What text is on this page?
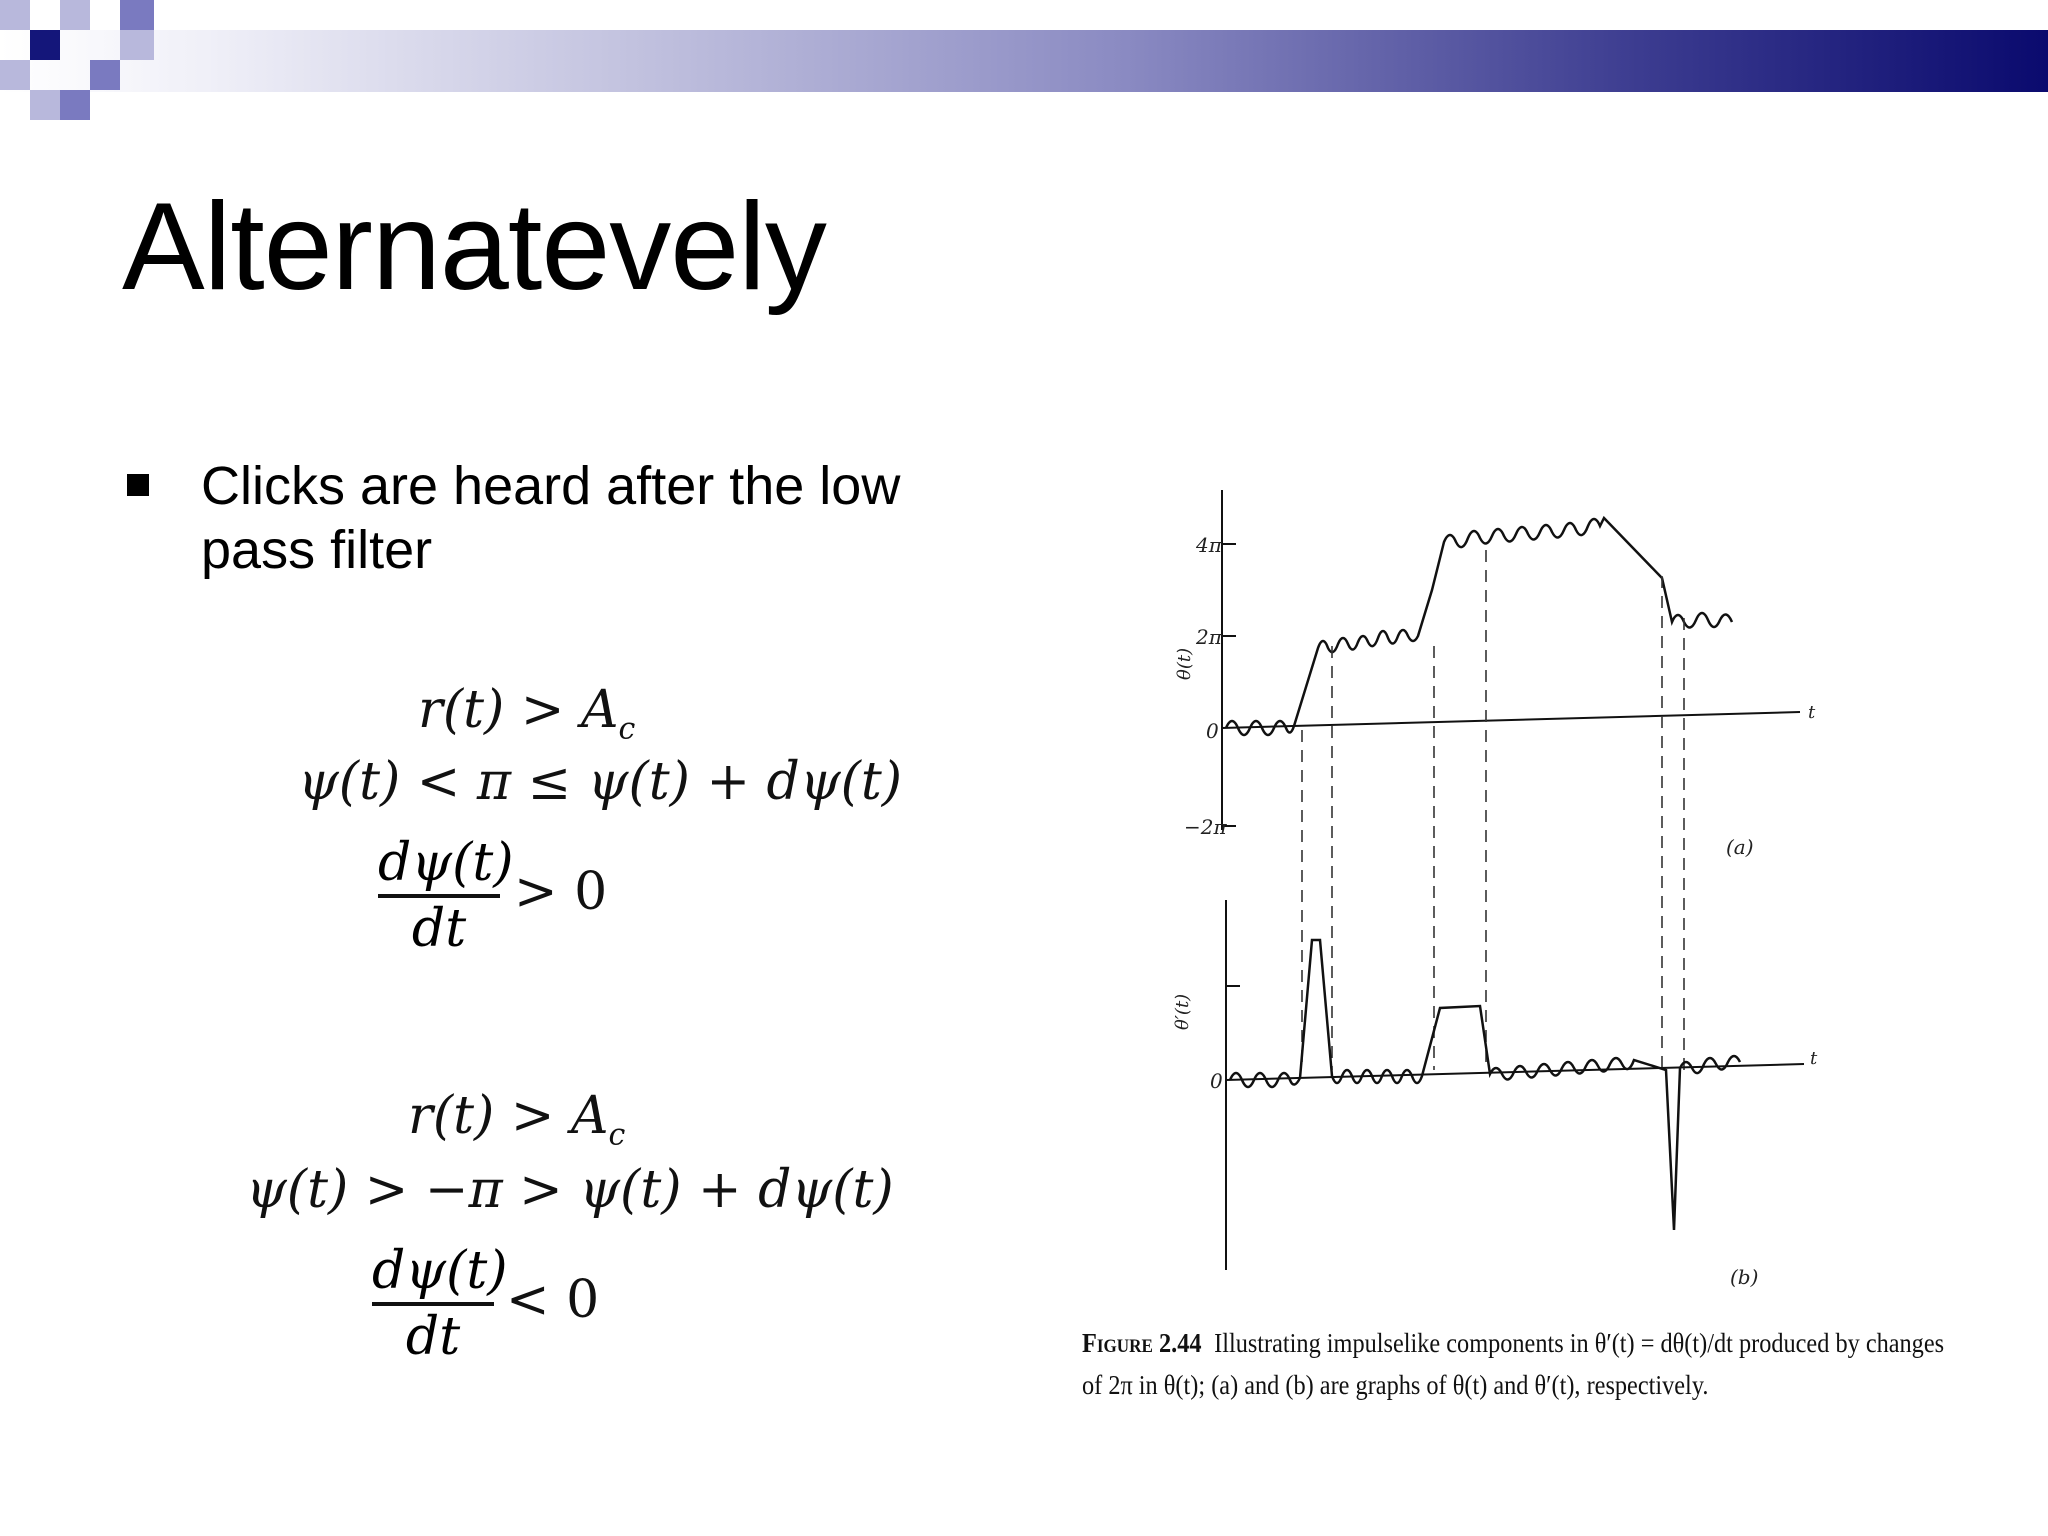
Alternatevely

Clicks are heard after the low pass filter

$r(t) > A_c$

ψ(t) < π ≤ ψ(t) + dψ(t)

dψ(t)
dt

> 0

$r(t) > A_c$

ψ(t) > −π > ψ(t) + dψ(t)

dψ(t)
dt

< 0

4π
2π
0
−2π
θ(t)
t
(a)
0
θ′(t)
t
(b)

Figure 2.44 Illustrating impulselike components in θ′(t) = dθ(t)/dt produced by changes of 2π in θ(t); (a) and (b) are graphs of θ(t) and θ′(t), respectively.
